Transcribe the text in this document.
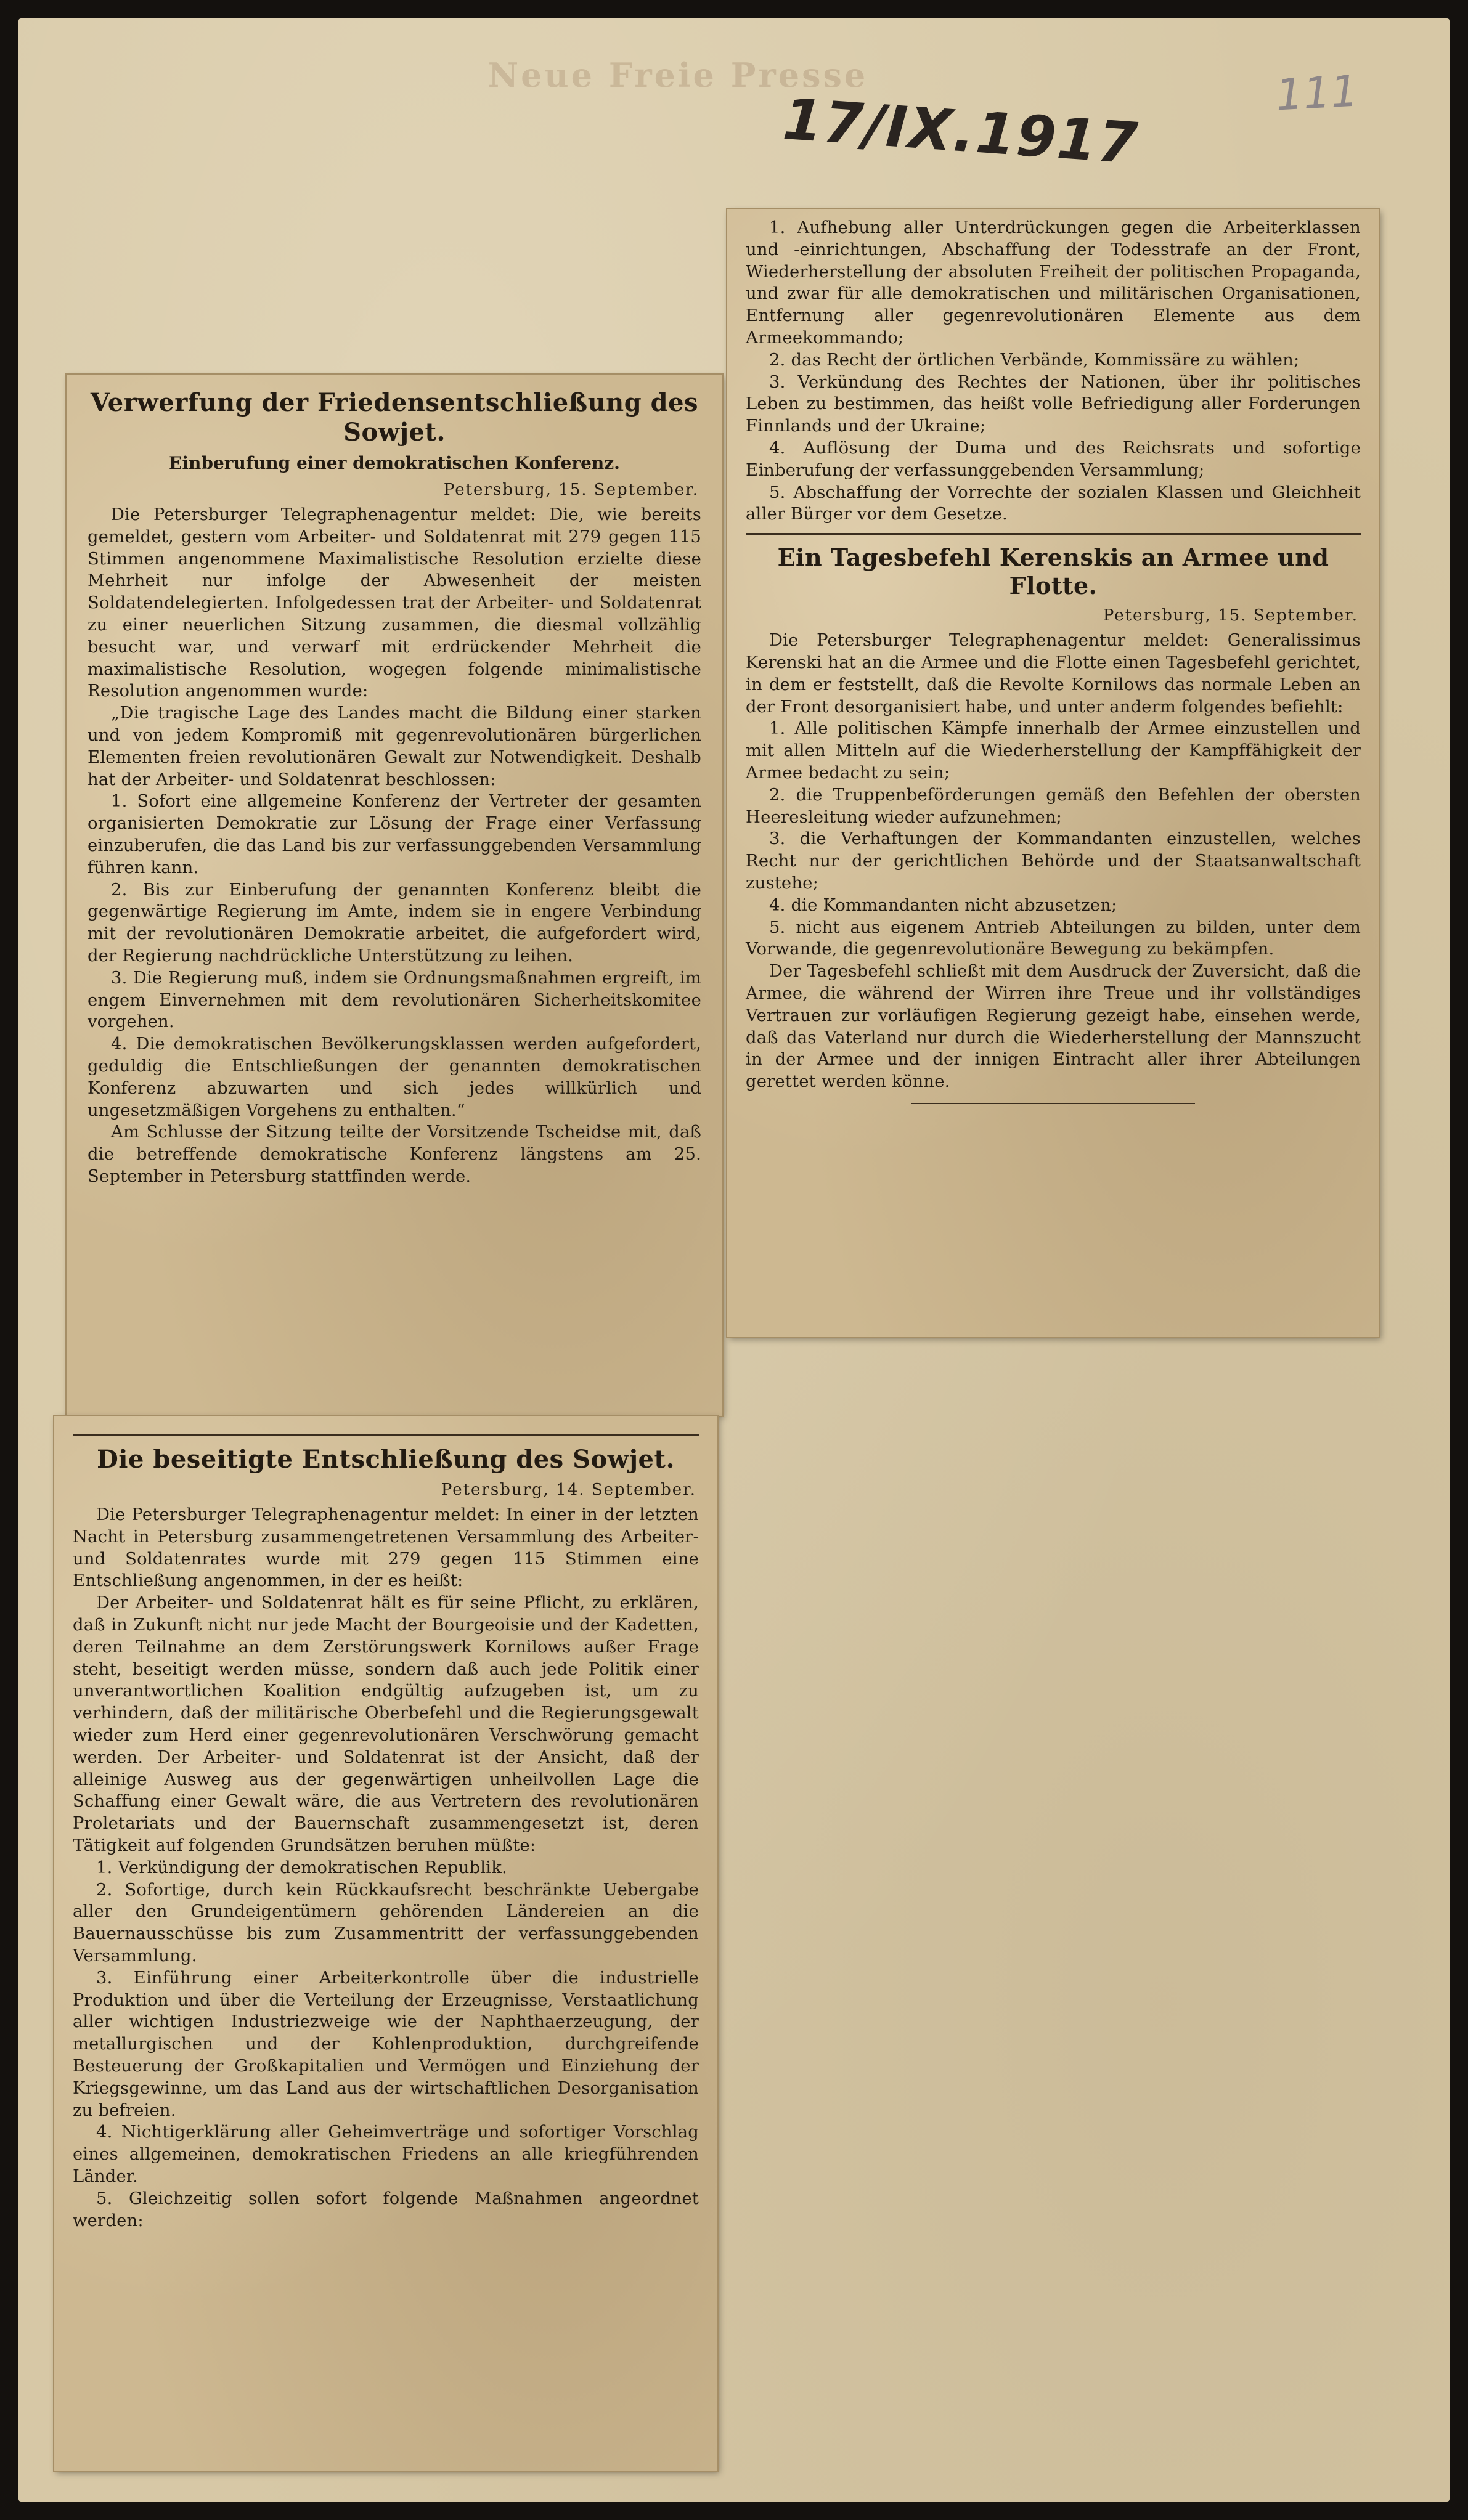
Neue Freie Presse
17/IX.1917	111
Verwerfung der Friedensentschließung des Sowjet.
Einberufung einer demokratischen Konferenz.
Petersburg, 15. September.

Die Petersburger Telegraphenagentur meldet: Die, wie bereits gemeldet, gestern vom Arbeiter- und Soldatenrat mit 279 gegen 115 Stimmen angenommene Maximalistische Resolution erzielte diese Mehrheit nur infolge der Abwesenheit der meisten Soldatendelegierten. Infolgedessen trat der Arbeiter- und Soldatenrat zu einer neuerlichen Sitzung zusammen, die diesmal vollzählig besucht war, und verwarf mit erdrückender Mehrheit die maximalistische Resolution, wogegen folgende minimalistische Resolution angenommen wurde:

„Die tragische Lage des Landes macht die Bildung einer starken und von jedem Kompromiß mit gegenrevolutionären bürgerlichen Elementen freien revolutionären Gewalt zur Notwendigkeit. Deshalb hat der Arbeiter- und Soldatenrat beschlossen:

1. Sofort eine allgemeine Konferenz der Vertreter der gesamten organisierten Demokratie zur Lösung der Frage einer Verfassung einzuberufen, die das Land bis zur verfassunggebenden Versammlung führen kann.

2. Bis zur Einberufung der genannten Konferenz bleibt die gegenwärtige Regierung im Amte, indem sie in engere Verbindung mit der revolutionären Demokratie arbeitet, die aufgefordert wird, der Regierung nachdrückliche Unterstützung zu leihen.

3. Die Regierung muß, indem sie Ordnungsmaßnahmen ergreift, im engem Einvernehmen mit dem revolutionären Sicherheitskomitee vorgehen.

4. Die demokratischen Bevölkerungsklassen werden aufgefordert, geduldig die Entschließungen der genannten demokratischen Konferenz abzuwarten und sich jedes willkürlich und ungesetzmäßigen Vorgehens zu enthalten.“

Am Schlusse der Sitzung teilte der Vorsitzende Tscheidse mit, daß die betreffende demokratische Konferenz längstens am 25. September in Petersburg stattfinden werde.

Die beseitigte Entschließung des Sowjet.
Petersburg, 14. September.

Die Petersburger Telegraphenagentur meldet: In einer in der letzten Nacht in Petersburg zusammengetretenen Versammlung des Arbeiter- und Soldatenrates wurde mit 279 gegen 115 Stimmen eine Entschließung angenommen, in der es heißt:

Der Arbeiter- und Soldatenrat hält es für seine Pflicht, zu erklären, daß in Zukunft nicht nur jede Macht der Bourgeoisie und der Kadetten, deren Teilnahme an dem Zerstörungswerk Kornilows außer Frage steht, beseitigt werden müsse, sondern daß auch jede Politik einer unverantwortlichen Koalition endgültig aufzugeben ist, um zu verhindern, daß der militärische Oberbefehl und die Regierungsgewalt wieder zum Herd einer gegenrevolutionären Verschwörung gemacht werden. Der Arbeiter- und Soldatenrat ist der Ansicht, daß der alleinige Ausweg aus der gegenwärtigen unheilvollen Lage die Schaffung einer Gewalt wäre, die aus Vertretern des revolutionären Proletariats und der Bauernschaft zusammengesetzt ist, deren Tätigkeit auf folgenden Grundsätzen beruhen müßte:

1. Verkündigung der demokratischen Republik.

2. Sofortige, durch kein Rückkaufsrecht beschränkte Uebergabe aller den Grundeigentümern gehörenden Ländereien an die Bauernausschüsse bis zum Zusammentritt der verfassunggebenden Versammlung.

3. Einführung einer Arbeiterkontrolle über die industrielle Produktion und über die Verteilung der Erzeugnisse, Verstaatlichung aller wichtigen Industriezweige wie der Naphthaerzeugung, der metallurgischen und der Kohlenproduktion, durchgreifende Besteuerung der Großkapitalien und Vermögen und Einziehung der Kriegsgewinne, um das Land aus der wirtschaftlichen Desorganisation zu befreien.

4. Nichtigerklärung aller Geheimverträge und sofortiger Vorschlag eines allgemeinen, demokratischen Friedens an alle kriegführenden Länder.

5. Gleichzeitig sollen sofort folgende Maßnahmen angeordnet werden:

1. Aufhebung aller Unterdrückungen gegen die Arbeiterklassen und -einrichtungen, Abschaffung der Todesstrafe an der Front, Wiederherstellung der absoluten Freiheit der politischen Propaganda, und zwar für alle demokratischen und militärischen Organisationen, Entfernung aller gegenrevolutionären Elemente aus dem Armeekommando;

2. das Recht der örtlichen Verbände, Kommissäre zu wählen;

3. Verkündung des Rechtes der Nationen, über ihr politisches Leben zu bestimmen, das heißt volle Befriedigung aller Forderungen Finnlands und der Ukraine;

4. Auflösung der Duma und des Reichsrats und sofortige Einberufung der verfassunggebenden Versammlung;

5. Abschaffung der Vorrechte der sozialen Klassen und Gleichheit aller Bürger vor dem Gesetze.

Ein Tagesbefehl Kerenskis an Armee und Flotte.
Petersburg, 15. September.

Die Petersburger Telegraphenagentur meldet: Generalissimus Kerenski hat an die Armee und die Flotte einen Tagesbefehl gerichtet, in dem er feststellt, daß die Revolte Kornilows das normale Leben an der Front desorganisiert habe, und unter anderm folgendes befiehlt:

1. Alle politischen Kämpfe innerhalb der Armee einzustellen und mit allen Mitteln auf die Wiederherstellung der Kampffähigkeit der Armee bedacht zu sein;

2. die Truppenbeförderungen gemäß den Befehlen der obersten Heeresleitung wieder aufzunehmen;

3. die Verhaftungen der Kommandanten einzustellen, welches Recht nur der gerichtlichen Behörde und der Staatsanwaltschaft zustehe;

4. die Kommandanten nicht abzusetzen;

5. nicht aus eigenem Antrieb Abteilungen zu bilden, unter dem Vorwande, die gegenrevolutionäre Bewegung zu bekämpfen.

Der Tagesbefehl schließt mit dem Ausdruck der Zuversicht, daß die Armee, die während der Wirren ihre Treue und ihr vollständiges Vertrauen zur vorläufigen Regierung gezeigt habe, einsehen werde, daß das Vaterland nur durch die Wiederherstellung der Mannszucht in der Armee und der innigen Eintracht aller ihrer Abteilungen gerettet werden könne.
